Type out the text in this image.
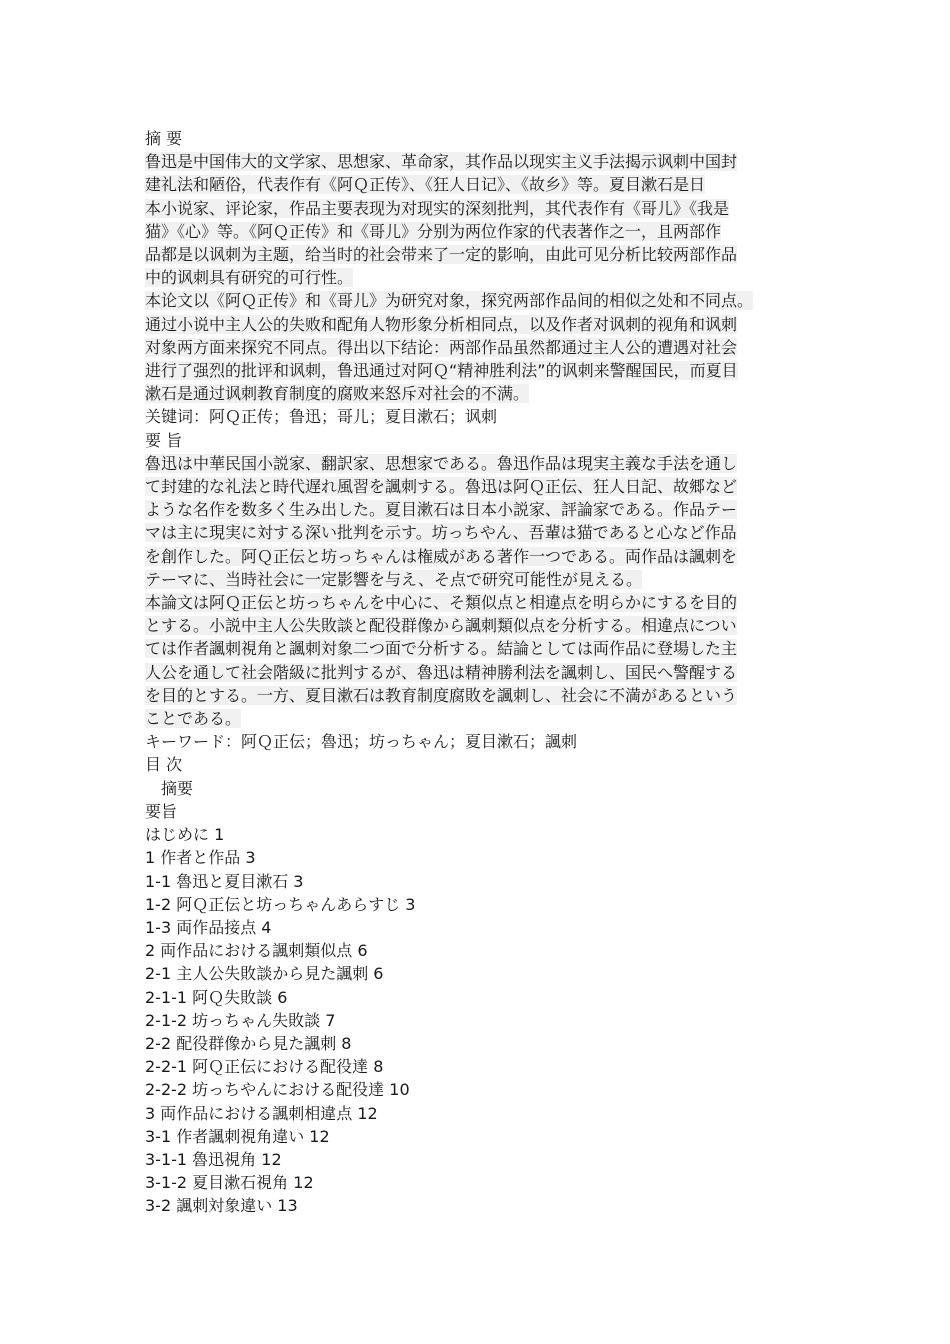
摘 要

鲁迅是中国伟大的文学家、思想家、革命家，其作品以现实主义手法揭示讽刺中国封
建礼法和陋俗，代表作有《阿Ｑ正传》、《狂人日记》、《故乡》等。夏目漱石是日
本小说家、评论家，作品主要表现为对现实的深刻批判，其代表作有《哥儿》《我是
猫》《心》等。《阿Ｑ正传》和《哥儿》分别为两位作家的代表著作之一，且两部作
品都是以讽刺为主题，给当时的社会带来了一定的影响，由此可见分析比较两部作品
中的讽刺具有研究的可行性。

本论文以《阿Ｑ正传》和《哥儿》为研究对象，探究两部作品间的相似之处和不同点。
通过小说中主人公的失败和配角人物形象分析相同点，以及作者对讽刺的视角和讽刺
对象两方面来探究不同点。得出以下结论：两部作品虽然都通过主人公的遭遇对社会
进行了强烈的批评和讽刺，鲁迅通过对阿Ｑ“精神胜利法”的讽刺来警醒国民，而夏目
漱石是通过讽刺教育制度的腐败来怒斥对社会的不满。

关键词：阿Ｑ正传；鲁迅；哥儿；夏目漱石；讽刺

要 旨

魯迅は中華民国小説家、翻訳家、思想家である。魯迅作品は現実主義な手法を通し
て封建的な礼法と時代遅れ風習を諷刺する。魯迅は阿Ｑ正伝、狂人日記、故郷など
ような名作を数多く生み出した。夏目漱石は日本小説家、評論家である。作品テー
マは主に現実に対する深い批判を示す。坊っちやん、吾輩は猫であると心など作品
を創作した。阿Ｑ正伝と坊っちゃんは権威がある著作一つである。両作品は諷刺を
テーマに、当時社会に一定影響を与え、そ点で研究可能性が見える。

本論文は阿Ｑ正伝と坊っちゃんを中心に、そ類似点と相違点を明らかにするを目的
とする。小説中主人公失敗談と配役群像から諷刺類似点を分析する。相違点につい
ては作者諷刺視角と諷刺対象二つ面で分析する。結論としては両作品に登場した主
人公を通して社会階級に批判するが、魯迅は精神勝利法を諷刺し、国民へ警醒する
を目的とする。一方、夏目漱石は教育制度腐敗を諷刺し、社会に不満があるという
ことである。

キーワード：阿Ｑ正伝；魯迅；坊っちゃん；夏目漱石；諷刺

目 次
摘要
要旨
はじめに 1
1 作者と作品 3
1-1 魯迅と夏目漱石 3
1-2 阿Ｑ正伝と坊っちゃんあらすじ 3
1-3 両作品接点 4
2 両作品における諷刺類似点 6
2-1 主人公失敗談から見た諷刺 6
2-1-1 阿Ｑ失敗談 6
2-1-2 坊っちゃん失敗談 7
2-2 配役群像から見た諷刺 8
2-2-1 阿Ｑ正伝における配役達 8
2-2-2 坊っちやんにおける配役達 10
3 両作品における諷刺相違点 12
3-1 作者諷刺視角違い 12
3-1-1 魯迅視角 12
3-1-2 夏目漱石視角 12
3-2 諷刺対象違い 13
